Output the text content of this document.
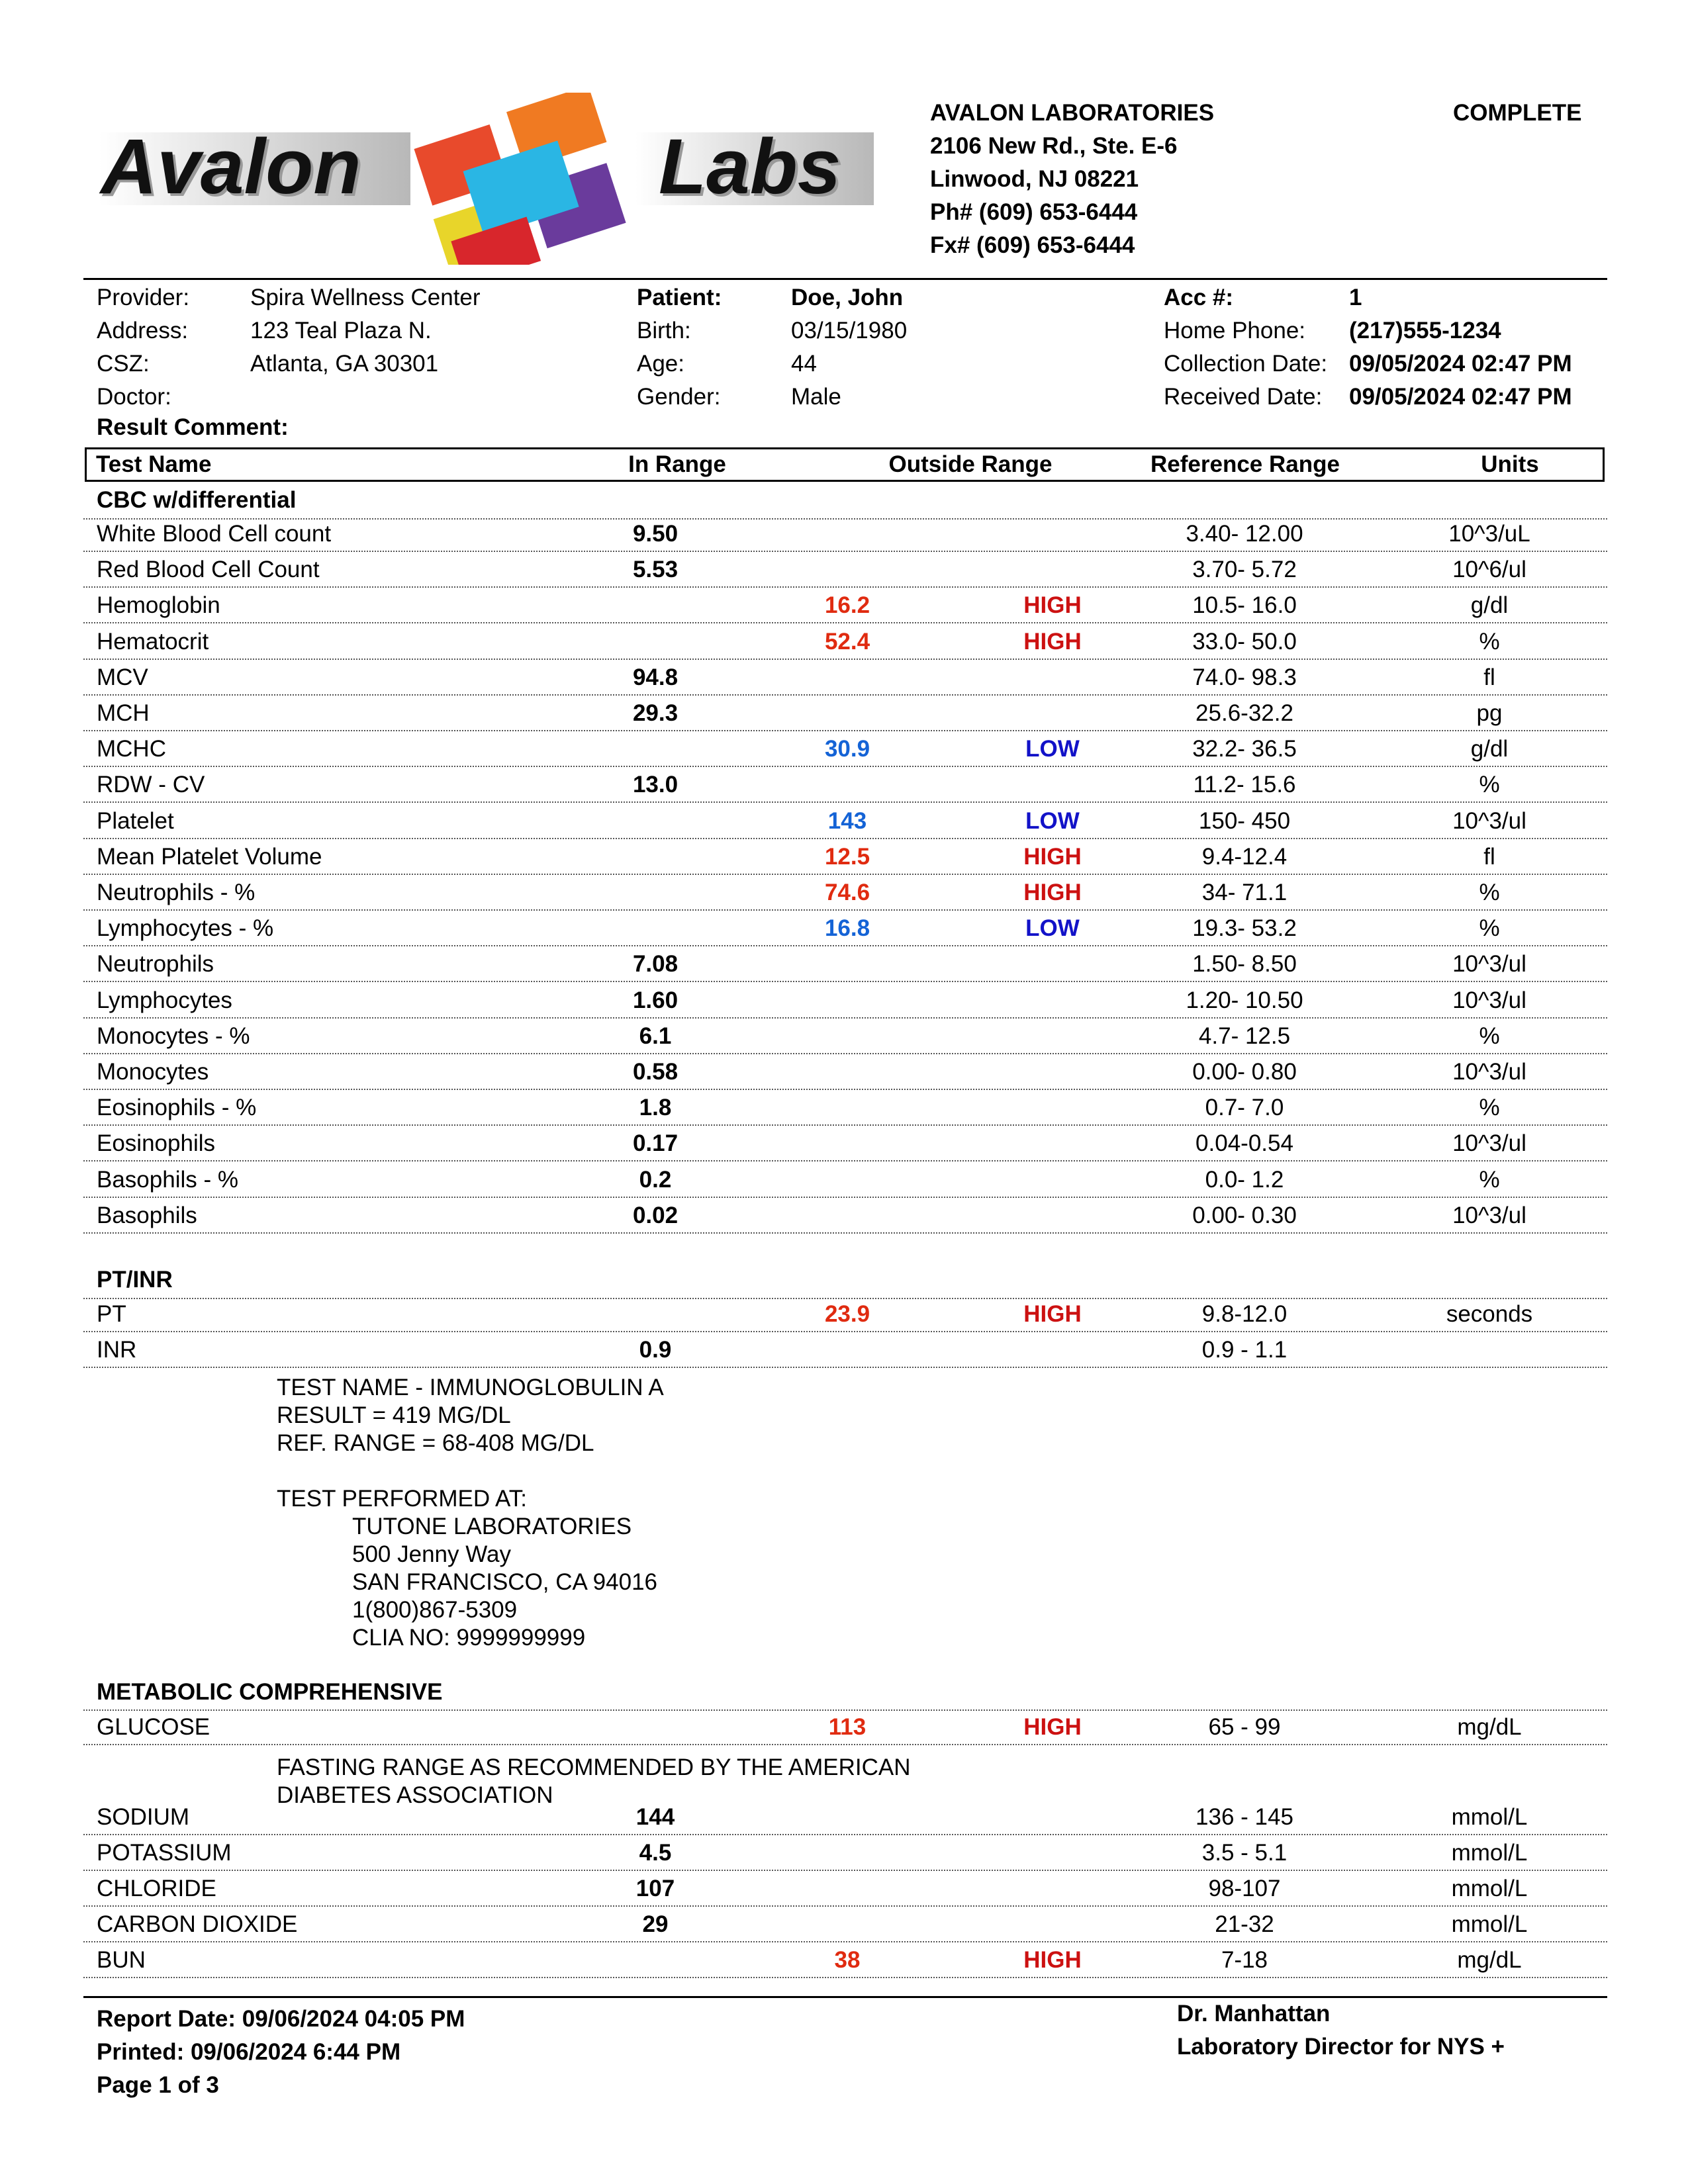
Avalon	Labs
AVALON LABORATORIES	COMPLETE
2106 New Rd., Ste. E-6
Linwood, NJ 08221
Ph# (609) 653-6444
Fx# (609) 653-6444
Provider:	Spira Wellness Center
Address:	123 Teal Plaza N.
CSZ:	Atlanta, GA 30301
Doctor:
Patient:	Doe, John
Birth:	03/15/1980
Age:	44
Gender:	Male
Acc #:	1
Home Phone: (217)555-1234
Collection Date: 09/05/2024 02:47 PM
Received Date: 09/05/2024 02:47 PM
Result Comment:
Test Name	In Range	Outside Range	Reference Range	Units
CBC w/differential
White Blood Cell count	9.50	3.40- 12.00	10^3/uL
Red Blood Cell Count	5.53	3.70- 5.72	10^6/ul
Hemoglobin	16.2	HIGH	10.5- 16.0	g/dl
Hematocrit	52.4	HIGH	33.0- 50.0	%
MCV	94.8	74.0- 98.3	fl
MCH	29.3	25.6-32.2	pg
MCHC	30.9	LOW	32.2- 36.5	g/dl
RDW - CV	13.0	11.2- 15.6	%
Platelet	143	LOW	150- 450	10^3/ul
Mean Platelet Volume	12.5	HIGH	9.4-12.4	fl
Neutrophils - %	74.6	HIGH	34- 71.1	%
Lymphocytes - %	16.8	LOW	19.3- 53.2	%
Neutrophils	7.08	1.50- 8.50	10^3/ul
Lymphocytes	1.60	1.20- 10.50	10^3/ul
Monocytes - %	6.1	4.7- 12.5	%
Monocytes	0.58	0.00- 0.80	10^3/ul
Eosinophils - %	1.8	0.7- 7.0	%
Eosinophils	0.17	0.04-0.54	10^3/ul
Basophils - %	0.2	0.0- 1.2	%
Basophils	0.02	0.00- 0.30	10^3/ul
PT/INR
PT	23.9	HIGH	9.8-12.0	seconds
INR	0.9	0.9 - 1.1
TEST NAME - IMMUNOGLOBULIN A
RESULT = 419 MG/DL
REF. RANGE = 68-408 MG/DL
TEST PERFORMED AT:
TUTONE LABORATORIES
500 Jenny Way
SAN FRANCISCO, CA 94016
1(800)867-5309
CLIA NO: 9999999999
METABOLIC COMPREHENSIVE
GLUCOSE	113	HIGH	65 - 99	mg/dL
FASTING RANGE AS RECOMMENDED BY THE AMERICAN
DIABETES ASSOCIATION
SODIUM	144	136 - 145	mmol/L
POTASSIUM	4.5	3.5 - 5.1	mmol/L
CHLORIDE	107	98-107	mmol/L
CARBON DIOXIDE	29	21-32	mmol/L
BUN	38	HIGH	7-18	mg/dL
Report Date: 09/06/2024 04:05 PM
Printed: 09/06/2024 6:44 PM
Page 1 of 3
Dr. Manhattan
Laboratory Director for NYS +
